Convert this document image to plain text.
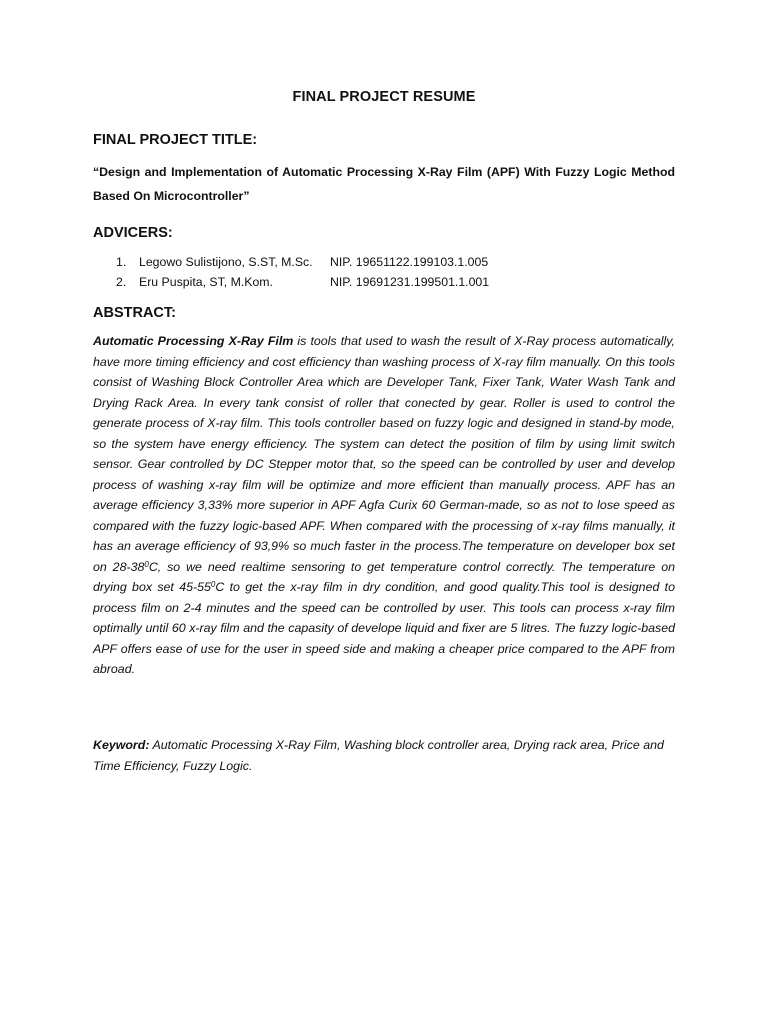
FINAL PROJECT RESUME
FINAL PROJECT TITLE:
“Design and Implementation of Automatic Processing X-Ray Film (APF) With Fuzzy Logic Method Based On Microcontroller”
ADVICERS:
1.	Legowo Sulistijono, S.ST, M.Sc.	NIP. 19651122.199103.1.005
2.	Eru Puspita, ST, M.Kom.	NIP. 19691231.199501.1.001
ABSTRACT:

Automatic Processing X-Ray Film is tools that used to wash the result of X-Ray process automatically, have more timing efficiency and cost efficiency than washing process of X-ray film manually. On this tools consist of Washing Block Controller Area which are Developer Tank, Fixer Tank, Water Wash Tank and Drying Rack Area. In every tank consist of roller that conected by gear. Roller is used to control the generate process of X-ray film. This tools controller based on fuzzy logic and designed in stand-by mode, so the system have energy efficiency. The system can detect the position of film by using limit switch sensor. Gear controlled by DC Stepper motor that, so the speed can be controlled by user and develop process of washing x-ray film will be optimize and more efficient than manually process. APF has an average efficiency 3,33% more superior in APF Agfa Curix 60 German-made, so as not to lose speed as compared with the fuzzy logic-based APF. When compared with the processing of x-ray films manually, it has an average efficiency of 93,9% so much faster in the process.The temperature on developer box set on $28-38^0C$, so we need realtime sensoring to get temperature control correctly. The temperature on drying box set $45-55^0C$ to get the x-ray film in dry condition, and good quality.This tool is designed to process film on 2-4 minutes and the speed can be controlled by user. This tools can process x-ray film optimally until 60 x-ray film and the capasity of develope liquid and fixer are 5 litres. The fuzzy logic-based APF offers ease of use for the user in speed side and making a cheaper price compared to the APF from abroad.

Keyword: Automatic Processing X-Ray Film, Washing block controller area, Drying rack area, Price and Time Efficiency, Fuzzy Logic.
